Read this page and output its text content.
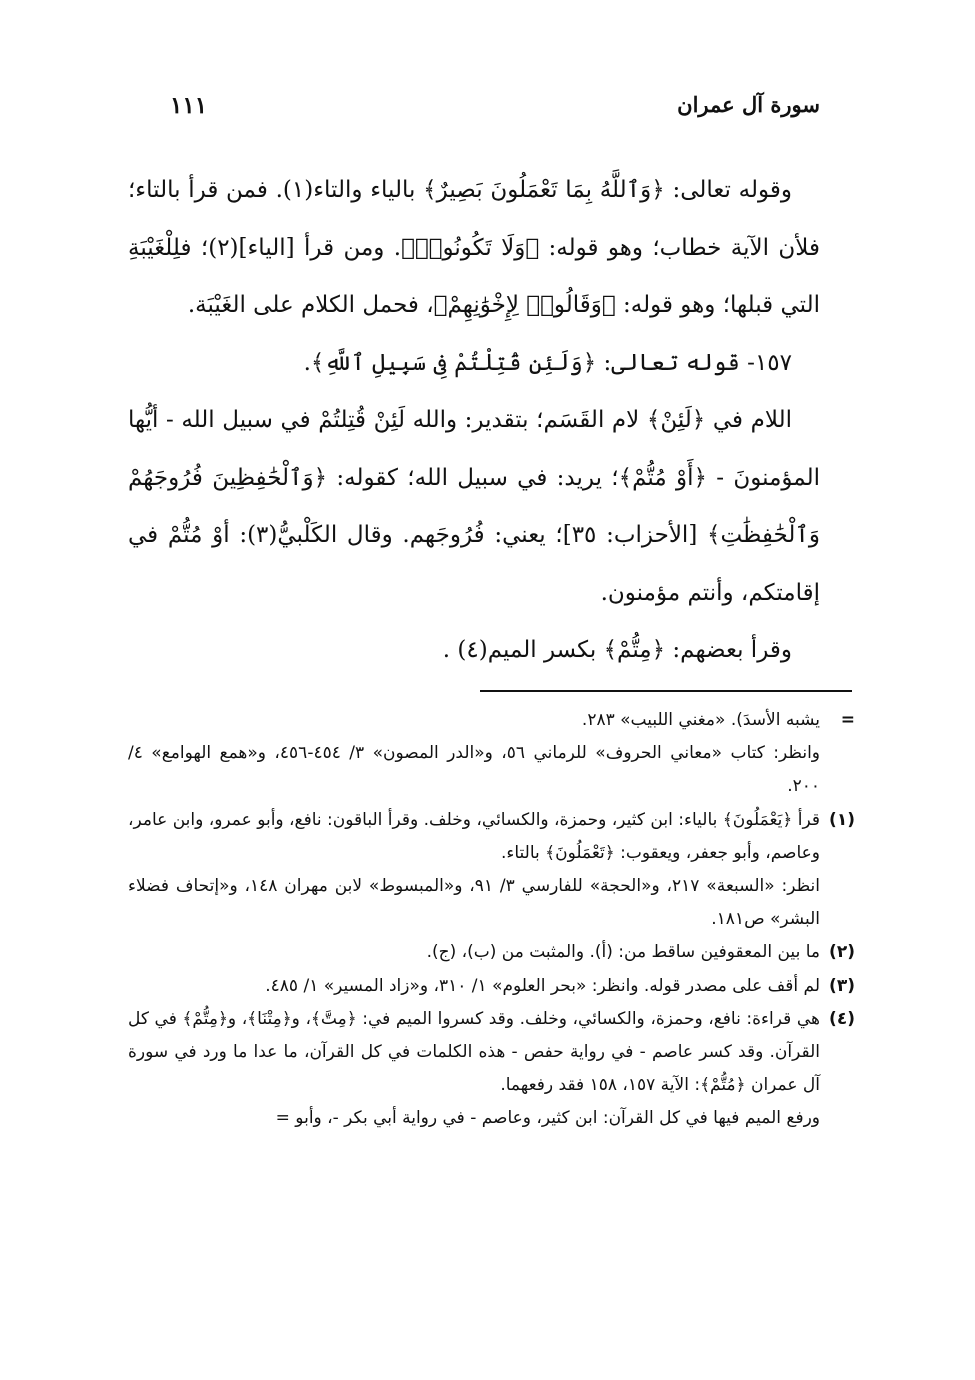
سورة آل عمران
١١١

وقوله تعالى: ﴿وَٱللَّهُ بِمَا تَعْمَلُونَ بَصِيرٌ﴾ بالياء والتاء(١). فمن قرأ بالتاء؛ فلأن الآية خطاب؛ وهو قوله: ﴿وَلَا تَكُونُوا۟﴾. ومن قرأ [الياء](٢)؛ فلِلْغَيْبَةِ التي قبلها؛ وهو قوله: ﴿وَقَالُوا۟ لِإِخْوَٰنِهِمْ﴾، فحمل الكلام على الغَيْبَة.

١٥٧- قوله تعالى: ﴿وَلَئِن قُتِلْتُمْ فِى سَبِيلِ ٱللَّهِ﴾.

اللام في ﴿لَئِنْ﴾ لام القَسَم؛ بتقدير: والله لَئِنْ قُتِلتُمْ في سبيل الله - أيُّها المؤمنونَ - ﴿أَوْ مُتُّمْ﴾؛ يريد: في سبيل الله؛ كقوله: ﴿وَٱلْحَٰفِظِينَ فُرُوجَهُمْ وَٱلْحَٰفِظَٰتِ﴾ [الأحزاب: ٣٥]؛ يعني: فُرُوجَهم. وقال الكَلْبيُّ(٣): أوْ مُتُّمْ في إقامتكم، وأنتم مؤمنون.

وقرأ بعضهم: ﴿مِتُّمْ﴾ بكسر الميم(٤) .

=

يشبه الأسدَ). «مغني اللبيب» ٢٨٣.

وانظر: كتاب «معاني الحروف» للرماني ٥٦، و«الدر المصون» ٣/ ٤٥٤-٤٥٦، و«همع الهوامع» ٤/ ٢٠٠.

(١)

قرأ ﴿يَعْمَلُونَ﴾ بالياء: ابن كثير، وحمزة، والكسائي، وخلف. وقرأ الباقون: نافع، وأبو عمرو، وابن عامر، وعاصم، وأبو جعفر، ويعقوب: ﴿تَعْمَلُونَ﴾ بالتاء.

انظر: «السبعة» ٢١٧، و«الحجة» للفارسي ٣/ ٩١، و«المبسوط» لابن مهران ١٤٨، و«إتحاف فضلاء البشر» ص١٨١.

(٢)

ما بين المعقوفين ساقط من: (أ). والمثبت من (ب)، (ج).

(٣)

لم أقف على مصدر قوله. وانظر: «بحر العلوم» ١/ ٣١٠، و«زاد المسير» ١/ ٤٨٥.

(٤)

هي قراءة: نافع، وحمزة، والكسائي، وخلف. وقد كسروا الميم في: ﴿مِتَّ﴾، و﴿مِتْنَا﴾، و﴿مِتُّمْ﴾ في كل القرآن. وقد كسر عاصم - في رواية حفص - هذه الكلمات في كل القرآن، ما عدا ما ورد في سورة آل عمران ﴿مُتُّمْ﴾: الآية ١٥٧، ١٥٨ فقد رفعهما.

ورفع الميم فيها في كل القرآن: ابن كثير، وعاصم - في رواية أبي بكر -، وأبو =
